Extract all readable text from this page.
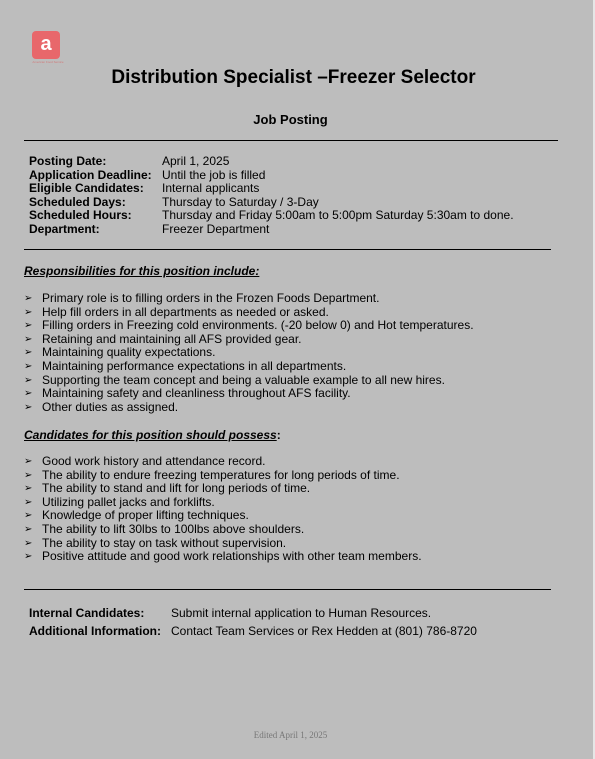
a
American Food Service
Distribution Specialist –Freezer Selector
Job Posting
Posting Date:	April 1, 2025
Application Deadline: Until the job is filled
Eligible Candidates:	Internal applicants
Scheduled Days:	Thursday to Saturday / 3-Day
Scheduled Hours:	Thursday and Friday 5:00am to 5:00pm Saturday 5:30am to done.
Department:	Freezer Department
Responsibilities for this position include:
➢ Primary role is to filling orders in the Frozen Foods Department.
➢ Help fill orders in all departments as needed or asked.
➢ Filling orders in Freezing cold environments. (-20 below 0) and Hot temperatures.
➢ Retaining and maintaining all AFS provided gear.
➢ Maintaining quality expectations.
➢ Maintaining performance expectations in all departments.
➢ Supporting the team concept and being a valuable example to all new hires.
➢ Maintaining safety and cleanliness throughout AFS facility.
➢ Other duties as assigned.
Candidates for this position should possess:
➢ Good work history and attendance record.
➢ The ability to endure freezing temperatures for long periods of time.
➢ The ability to stand and lift for long periods of time.
➢ Utilizing pallet jacks and forklifts.
➢ Knowledge of proper lifting techniques.
➢ The ability to lift 30lbs to 100lbs above shoulders.
➢ The ability to stay on task without supervision.
➢ Positive attitude and good work relationships with other team members.
Internal Candidates:	Submit internal application to Human Resources.
Additional Information: Contact Team Services or Rex Hedden at (801) 786-8720
Edited April 1, 2025
